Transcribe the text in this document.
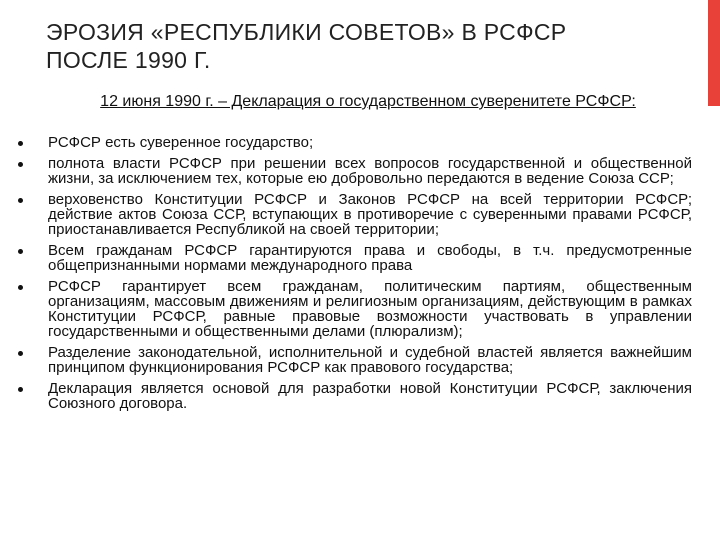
ЭРОЗИЯ «РЕСПУБЛИКИ СОВЕТОВ» В РСФСР
ПОСЛЕ 1990 Г.

12 июня 1990 г. – Декларация о государственном суверенитете РСФСР:

РСФСР есть суверенное государство;
полнота власти РСФСР при решении всех вопросов государственной и общественной жизни, за исключением тех, которые ею добровольно передаются в ведение Союза ССР;
верховенство Конституции РСФСР и Законов РСФСР на всей территории РСФСР; действие актов Союза ССР, вступающих в противоречие с суверенными правами РСФСР, приостанавливается Республикой на своей территории;
Всем гражданам РСФСР гарантируются права и свободы, в т.ч. предусмотренные общепризнанными нормами международного права
РСФСР гарантирует всем гражданам, политическим партиям, общественным организациям, массовым движениям и религиозным организациям, действующим в рамках Конституции РСФСР, равные правовые возможности участвовать в управлении государственными и общественными делами (плюрализм);
Разделение законодательной, исполнительной и судебной властей является важнейшим принципом функционирования РСФСР как правового государства;
Декларация является основой для разработки новой Конституции РСФСР, заключения Союзного договора.
